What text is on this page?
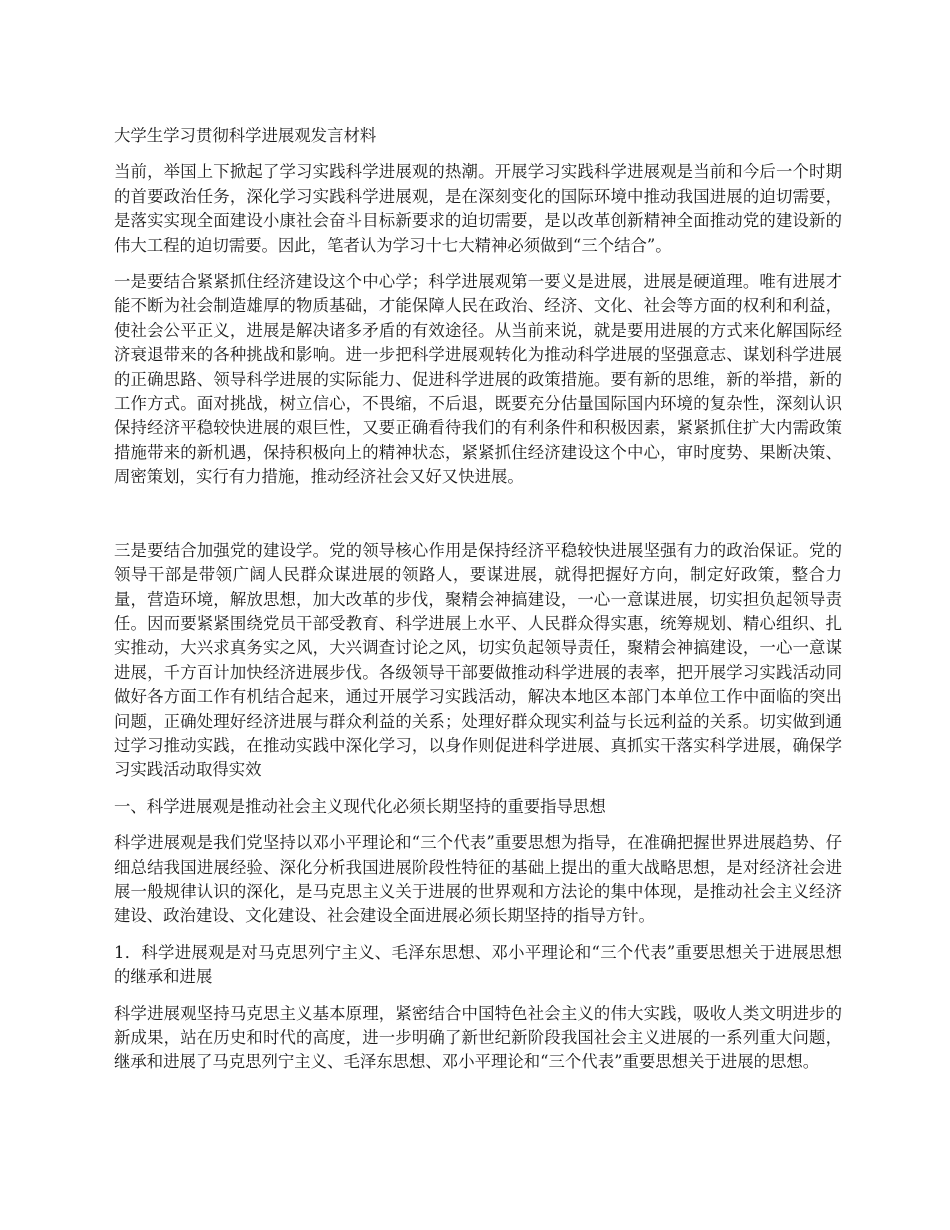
大学生学习贯彻科学进展观发言材料

当前，举国上下掀起了学习实践科学进展观的热潮。开展学习实践科学进展观是当前和今后一个时期的首要政治任务，深化学习实践科学进展观，是在深刻变化的国际环境中推动我国进展的迫切需要，是落实实现全面建设小康社会奋斗目标新要求的迫切需要，是以改革创新精神全面推动党的建设新的伟大工程的迫切需要。因此，笔者认为学习十七大精神必须做到“三个结合”。

一是要结合紧紧抓住经济建设这个中心学；科学进展观第一要义是进展，进展是硬道理。唯有进展才能不断为社会制造雄厚的物质基础，才能保障人民在政治、经济、文化、社会等方面的权利和利益，使社会公平正义，进展是解决诸多矛盾的有效途径。从当前来说，就是要用进展的方式来化解国际经济衰退带来的各种挑战和影响。进一步把科学进展观转化为推动科学进展的坚强意志、谋划科学进展的正确思路、领导科学进展的实际能力、促进科学进展的政策措施。要有新的思维，新的举措，新的工作方式。面对挑战，树立信心，不畏缩，不后退，既要充分估量国际国内环境的复杂性，深刻认识保持经济平稳较快进展的艰巨性，又要正确看待我们的有利条件和积极因素，紧紧抓住扩大内需政策措施带来的新机遇，保持积极向上的精神状态，紧紧抓住经济建设这个中心，审时度势、果断决策、周密策划，实行有力措施，推动经济社会又好又快进展。

三是要结合加强党的建设学。党的领导核心作用是保持经济平稳较快进展坚强有力的政治保证。党的领导干部是带领广阔人民群众谋进展的领路人，要谋进展，就得把握好方向，制定好政策，整合力量，营造环境，解放思想，加大改革的步伐，聚精会神搞建设，一心一意谋进展，切实担负起领导责任。因而要紧紧围绕党员干部受教育、科学进展上水平、人民群众得实惠，统筹规划、精心组织、扎实推动，大兴求真务实之风，大兴调查讨论之风，切实负起领导责任，聚精会神搞建设，一心一意谋进展，千方百计加快经济进展步伐。各级领导干部要做推动科学进展的表率，把开展学习实践活动同做好各方面工作有机结合起来，通过开展学习实践活动，解决本地区本部门本单位工作中面临的突出问题，正确处理好经济进展与群众利益的关系；处理好群众现实利益与长远利益的关系。切实做到通过学习推动实践，在推动实践中深化学习，以身作则促进科学进展、真抓实干落实科学进展，确保学习实践活动取得实效

一、科学进展观是推动社会主义现代化必须长期坚持的重要指导思想

科学进展观是我们党坚持以邓小平理论和“三个代表”重要思想为指导，在准确把握世界进展趋势、仔细总结我国进展经验、深化分析我国进展阶段性特征的基础上提出的重大战略思想，是对经济社会进展一般规律认识的深化，是马克思主义关于进展的世界观和方法论的集中体现，是推动社会主义经济建设、政治建设、文化建设、社会建设全面进展必须长期坚持的指导方针。

1．科学进展观是对马克思列宁主义、毛泽东思想、邓小平理论和“三个代表”重要思想关于进展思想的继承和进展

科学进展观坚持马克思主义基本原理，紧密结合中国特色社会主义的伟大实践，吸收人类文明进步的新成果，站在历史和时代的高度，进一步明确了新世纪新阶段我国社会主义进展的一系列重大问题，继承和进展了马克思列宁主义、毛泽东思想、邓小平理论和“三个代表”重要思想关于进展的思想。
